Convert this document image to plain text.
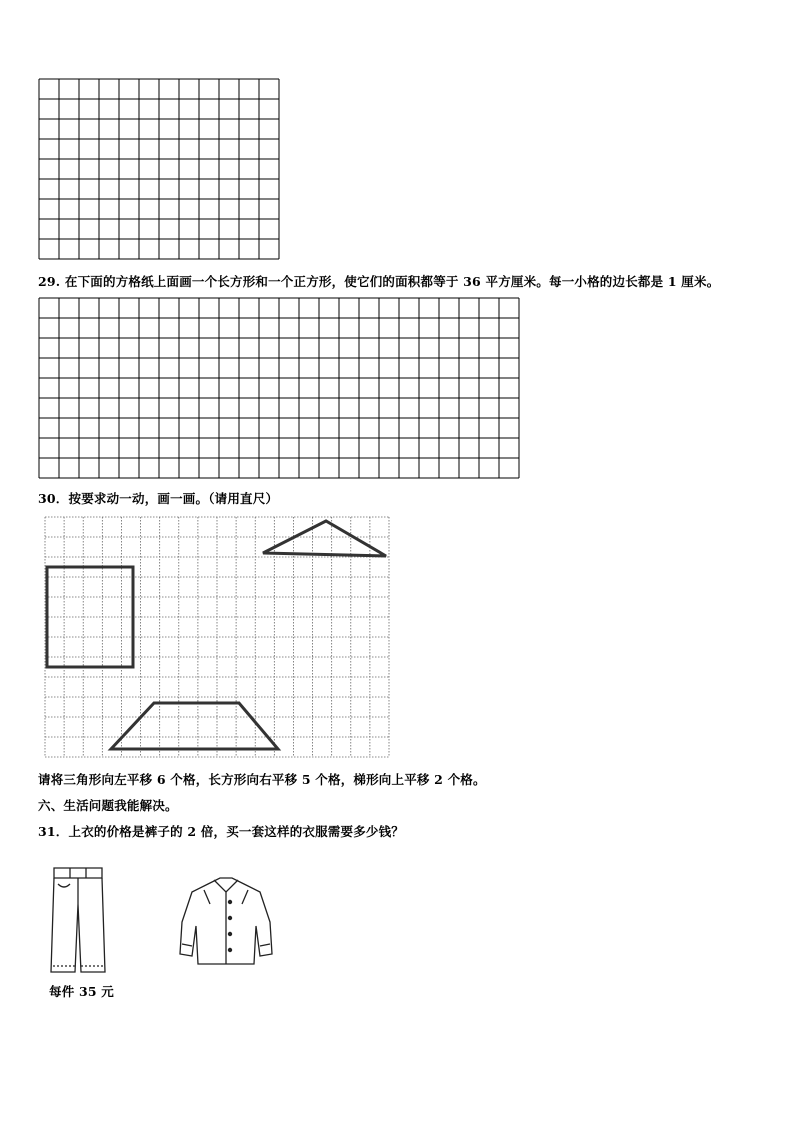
29. 在下面的方格纸上面画一个长方形和一个正方形，使它们的面积都等于 36 平方厘米。每一小格的边长都是 1 厘米。
30．按要求动一动，画一画。（请用直尺）
请将三角形向左平移 6 个格，长方形向右平移 5 个格，梯形向上平移 2 个格。
六、生活问题我能解决。
31．上衣的价格是裤子的 2 倍，买一套这样的衣服需要多少钱？
每件 35 元
